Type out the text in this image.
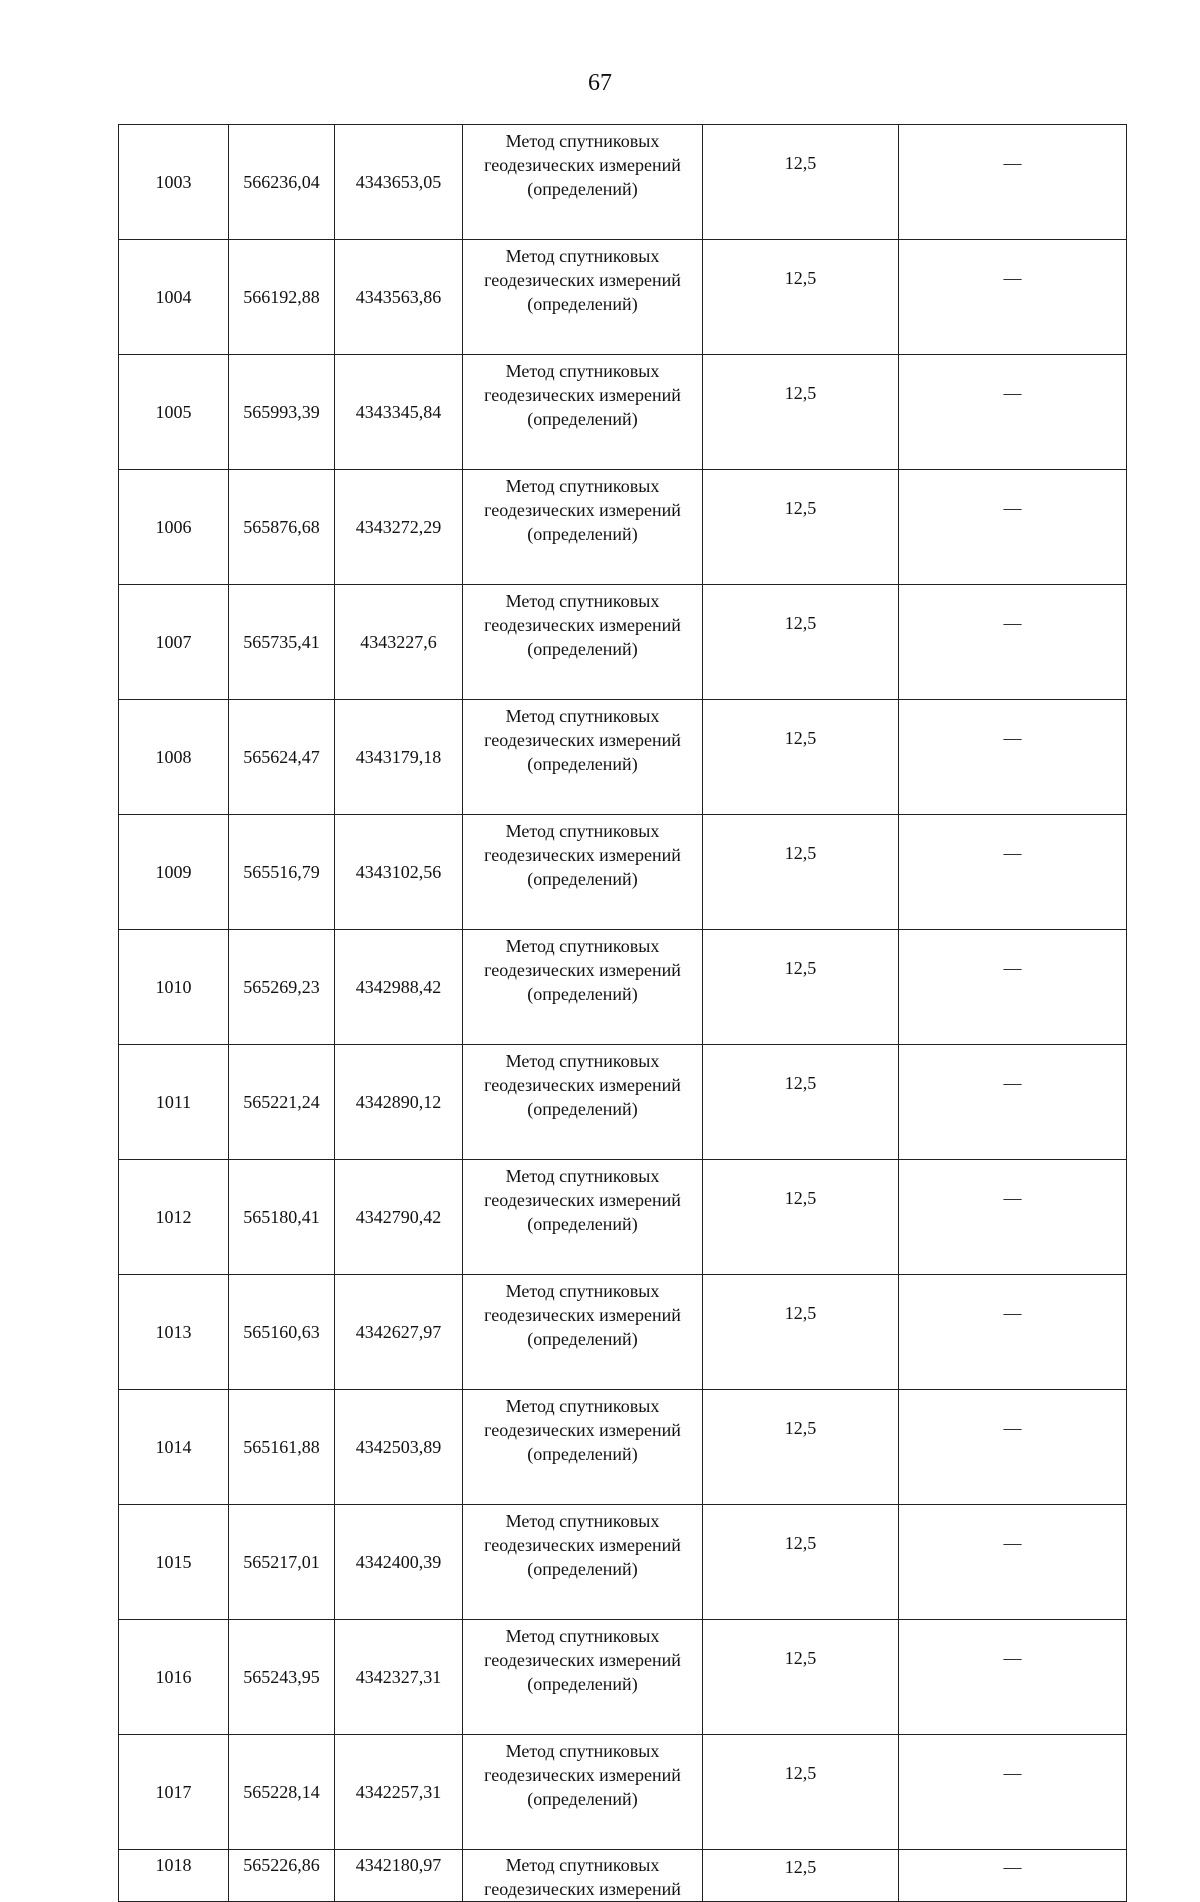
67
1003	566236,04	4343653,05	Метод спутниковых
геодезических измерений
(определений)	12,5	—
1004	566192,88	4343563,86	Метод спутниковых
геодезических измерений
(определений)	12,5	—
1005	565993,39	4343345,84	Метод спутниковых
геодезических измерений
(определений)	12,5	—
1006	565876,68	4343272,29	Метод спутниковых
геодезических измерений
(определений)	12,5	—
1007	565735,41	4343227,6	Метод спутниковых
геодезических измерений
(определений)	12,5	—
1008	565624,47	4343179,18	Метод спутниковых
геодезических измерений
(определений)	12,5	—
1009	565516,79	4343102,56	Метод спутниковых
геодезических измерений
(определений)	12,5	—
1010	565269,23	4342988,42	Метод спутниковых
геодезических измерений
(определений)	12,5	—
1011	565221,24	4342890,12	Метод спутниковых
геодезических измерений
(определений)	12,5	—
1012	565180,41	4342790,42	Метод спутниковых
геодезических измерений
(определений)	12,5	—
1013	565160,63	4342627,97	Метод спутниковых
геодезических измерений
(определений)	12,5	—
1014	565161,88	4342503,89	Метод спутниковых
геодезических измерений
(определений)	12,5	—
1015	565217,01	4342400,39	Метод спутниковых
геодезических измерений
(определений)	12,5	—
1016	565243,95	4342327,31	Метод спутниковых
геодезических измерений
(определений)	12,5	—
1017	565228,14	4342257,31	Метод спутниковых
геодезических измерений
(определений)	12,5	—
1018	565226,86	4342180,97	Метод спутниковых
геодезических измерений	12,5	—
